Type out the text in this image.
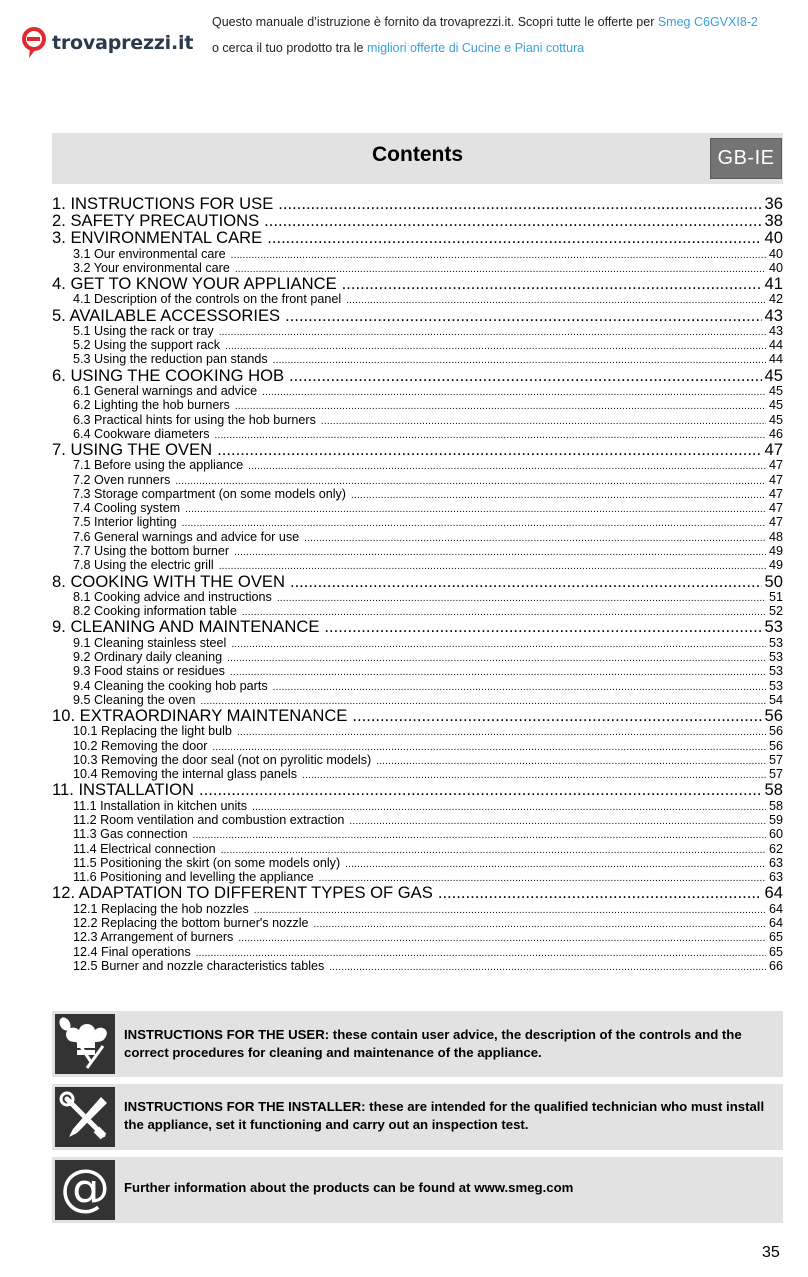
trovaprezzi.it
Questo manuale d’istruzione è fornito da trovaprezzi.it. Scopri tutte le offerte per Smeg C6GVXI8-2
o cerca il tuo prodotto tra le migliori offerte di Cucine e Piani cottura
Contents	GB-IE
1. INSTRUCTIONS FOR USE .....	36
2. SAFETY PRECAUTIONS .....	38
3. ENVIRONMENTAL CARE .....	40
3.1 Our environmental care .....	40
3.2 Your environmental care .....	40
4. GET TO KNOW YOUR APPLIANCE .....	41
4.1 Description of the controls on the front panel .....	42
5. AVAILABLE ACCESSORIES .....	43
5.1 Using the rack or tray .....	43
5.2 Using the support rack .....	44
5.3 Using the reduction pan stands .....	44
6. USING THE COOKING HOB .....	45
6.1 General warnings and advice .....	45
6.2 Lighting the hob burners .....	45
6.3 Practical hints for using the hob burners .....	45
6.4 Cookware diameters .....	46
7. USING THE OVEN .....	47
7.1 Before using the appliance .....	47
7.2 Oven runners .....	47
7.3 Storage compartment (on some models only) .....	47
7.4 Cooling system .....	47
7.5 Interior lighting .....	47
7.6 General warnings and advice for use .....	48
7.7 Using the bottom burner .....	49
7.8 Using the electric grill .....	49
8. COOKING WITH THE OVEN .....	50
8.1 Cooking advice and instructions .....	51
8.2 Cooking information table .....	52
9. CLEANING AND MAINTENANCE .....	53
9.1 Cleaning stainless steel .....	53
9.2 Ordinary daily cleaning .....	53
9.3 Food stains or residues .....	53
9.4 Cleaning the cooking hob parts .....	53
9.5 Cleaning the oven .....	54
10. EXTRAORDINARY MAINTENANCE .....	56
10.1 Replacing the light bulb .....	56
10.2 Removing the door .....	56
10.3 Removing the door seal (not on pyrolitic models) .....	57
10.4 Removing the internal glass panels .....	57
11. INSTALLATION .....	58
11.1 Installation in kitchen units .....	58
11.2 Room ventilation and combustion extraction .....	59
11.3 Gas connection .....	60
11.4 Electrical connection .....	62
11.5 Positioning the skirt (on some models only) .....	63
11.6 Positioning and levelling the appliance .....	63
12. ADAPTATION TO DIFFERENT TYPES OF GAS .....	64
12.1 Replacing the hob nozzles .....	64
12.2 Replacing the bottom burner's nozzle .....	64
12.3 Arrangement of burners .....	65
12.4 Final operations .....	65
12.5 Burner and nozzle characteristics tables .....	66
INSTRUCTIONS FOR THE USER: these contain user advice, the description of the controls and the correct procedures for cleaning and maintenance of the appliance.
INSTRUCTIONS FOR THE INSTALLER: these are intended for the qualified technician who must install the appliance, set it functioning and carry out an inspection test.
@ Further information about the products can be found at www.smeg.com
35
